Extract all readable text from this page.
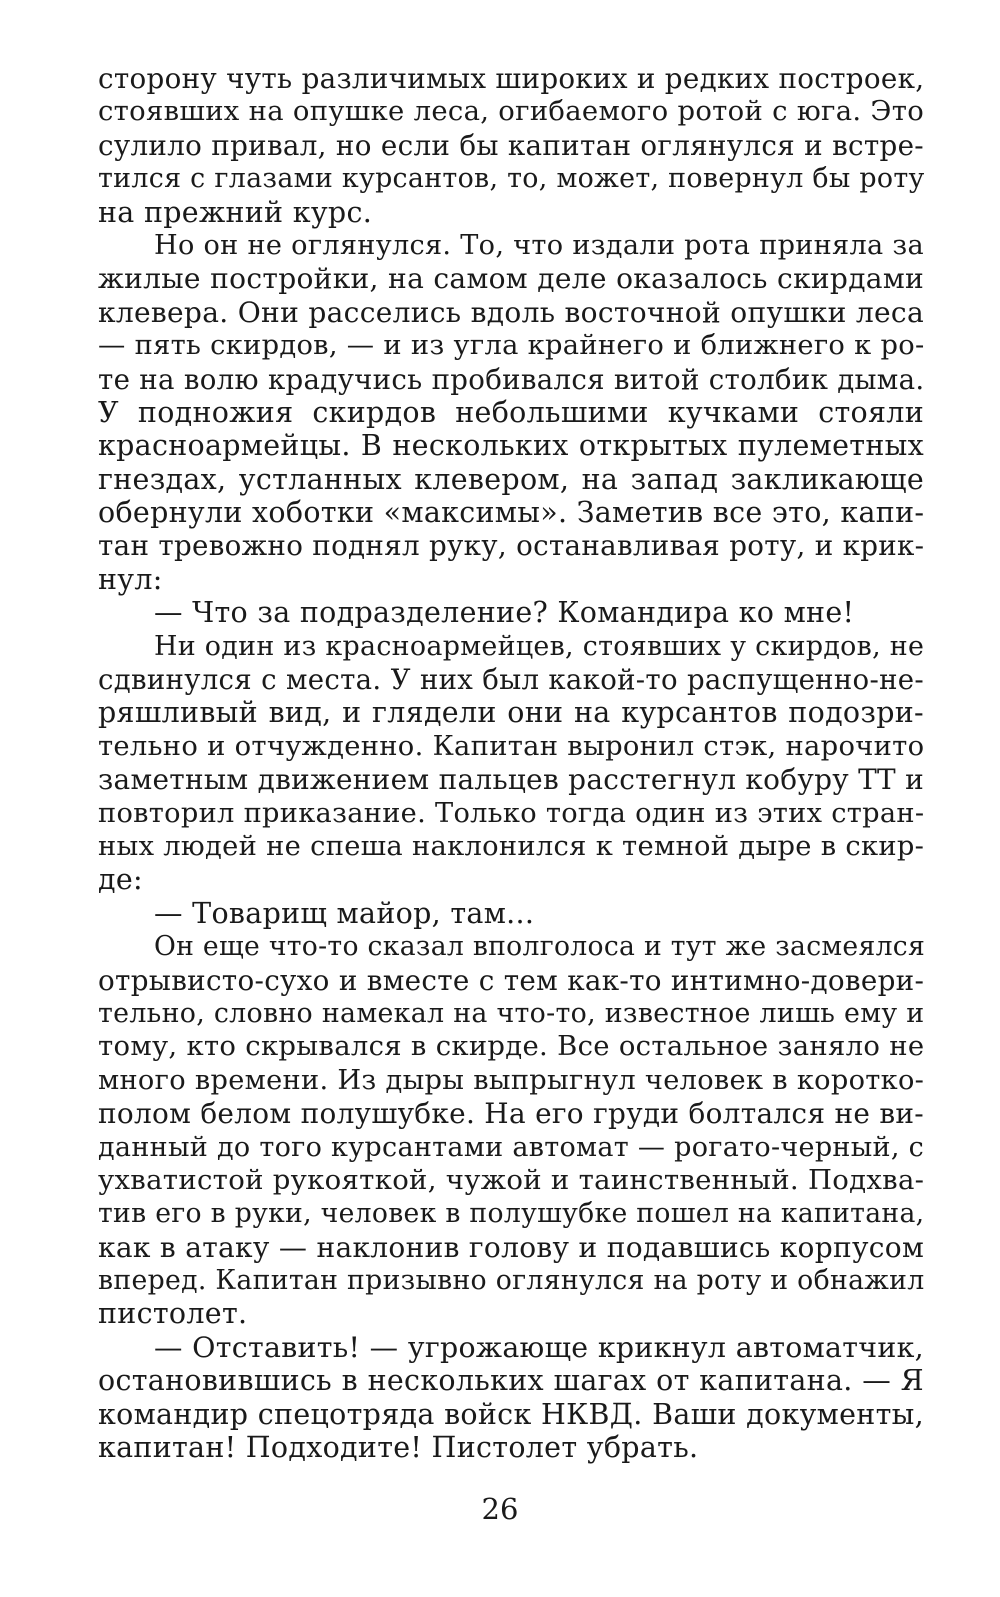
сторону чуть различимых широких и редких построек,
стоявших на опушке леса, огибаемого ротой с юга. Это
сулило привал, но если бы капитан оглянулся и встре-
тился с глазами курсантов, то, может, повернул бы роту
на прежний курс.
Но он не оглянулся. То, что издали рота приняла за
жилые постройки, на самом деле оказалось скирдами
клевера. Они расселись вдоль восточной опушки леса
— пять скирдов, — и из угла крайнего и ближнего к ро-
те на волю крадучись пробивался витой столбик дыма.
У подножия скирдов небольшими кучками стояли
красноармейцы. В нескольких открытых пулеметных
гнездах, устланных клевером, на запад закликающе
обернули хоботки «максимы». Заметив все это, капи-
тан тревожно поднял руку, останавливая роту, и крик-
нул:
— Что за подразделение? Командира ко мне!
Ни один из красноармейцев, стоявших у скирдов, не
сдвинулся с места. У них был какой-то распущенно-не-
ряшливый вид, и глядели они на курсантов подозри-
тельно и отчужденно. Капитан выронил стэк, нарочито
заметным движением пальцев расстегнул кобуру ТТ и
повторил приказание. Только тогда один из этих стран-
ных людей не спеша наклонился к темной дыре в скир-
де:
— Товарищ майор, там...
Он еще что-то сказал вполголоса и тут же засмеялся
отрывисто-сухо и вместе с тем как-то интимно-довери-
тельно, словно намекал на что-то, известное лишь ему и
тому, кто скрывался в скирде. Все остальное заняло не
много времени. Из дыры выпрыгнул человек в коротко-
полом белом полушубке. На его груди болтался не ви-
данный до того курсантами автомат — рогато-черный, с
ухватистой рукояткой, чужой и таинственный. Подхва-
тив его в руки, человек в полушубке пошел на капитана,
как в атаку — наклонив голову и подавшись корпусом
вперед. Капитан призывно оглянулся на роту и обнажил
пистолет.
— Отставить! — угрожающе крикнул автоматчик,
остановившись в нескольких шагах от капитана. — Я
командир спецотряда войск НКВД. Ваши документы,
капитан! Подходите! Пистолет убрать.
26
